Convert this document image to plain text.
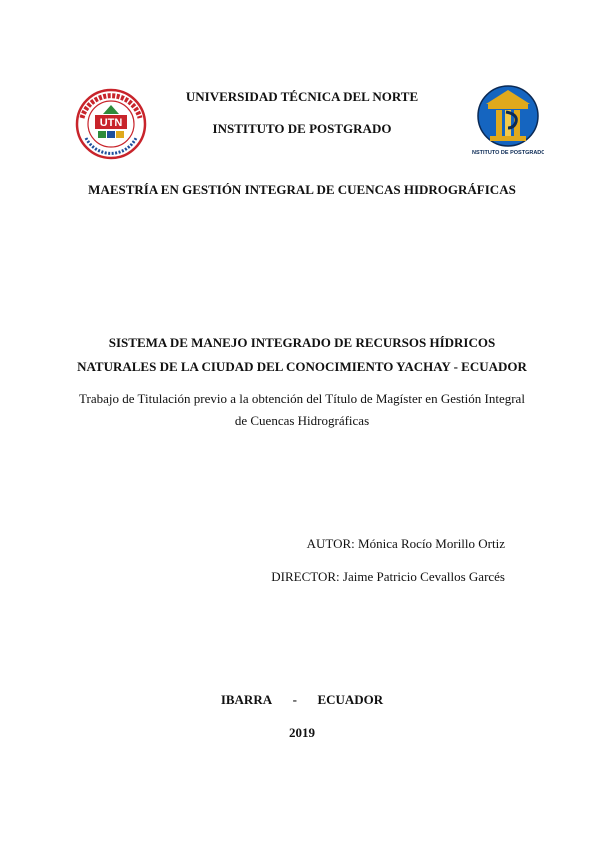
UTN
INSTITUTO DE POSTGRADO
UNIVERSIDAD TÉCNICA DEL NORTE
INSTITUTO DE POSTGRADO
MAESTRÍA EN GESTIÓN INTEGRAL DE CUENCAS HIDROGRÁFICAS
SISTEMA DE MANEJO INTEGRADO DE RECURSOS HÍDRICOS
NATURALES DE LA CIUDAD DEL CONOCIMIENTO YACHAY - ECUADOR
Trabajo de Titulación previo a la obtención del Título de Magíster en Gestión Integral
de Cuencas Hidrográficas
AUTOR: Mónica Rocío Morillo Ortiz
DIRECTOR: Jaime Patricio Cevallos Garcés
IBARRA - ECUADOR
2019
